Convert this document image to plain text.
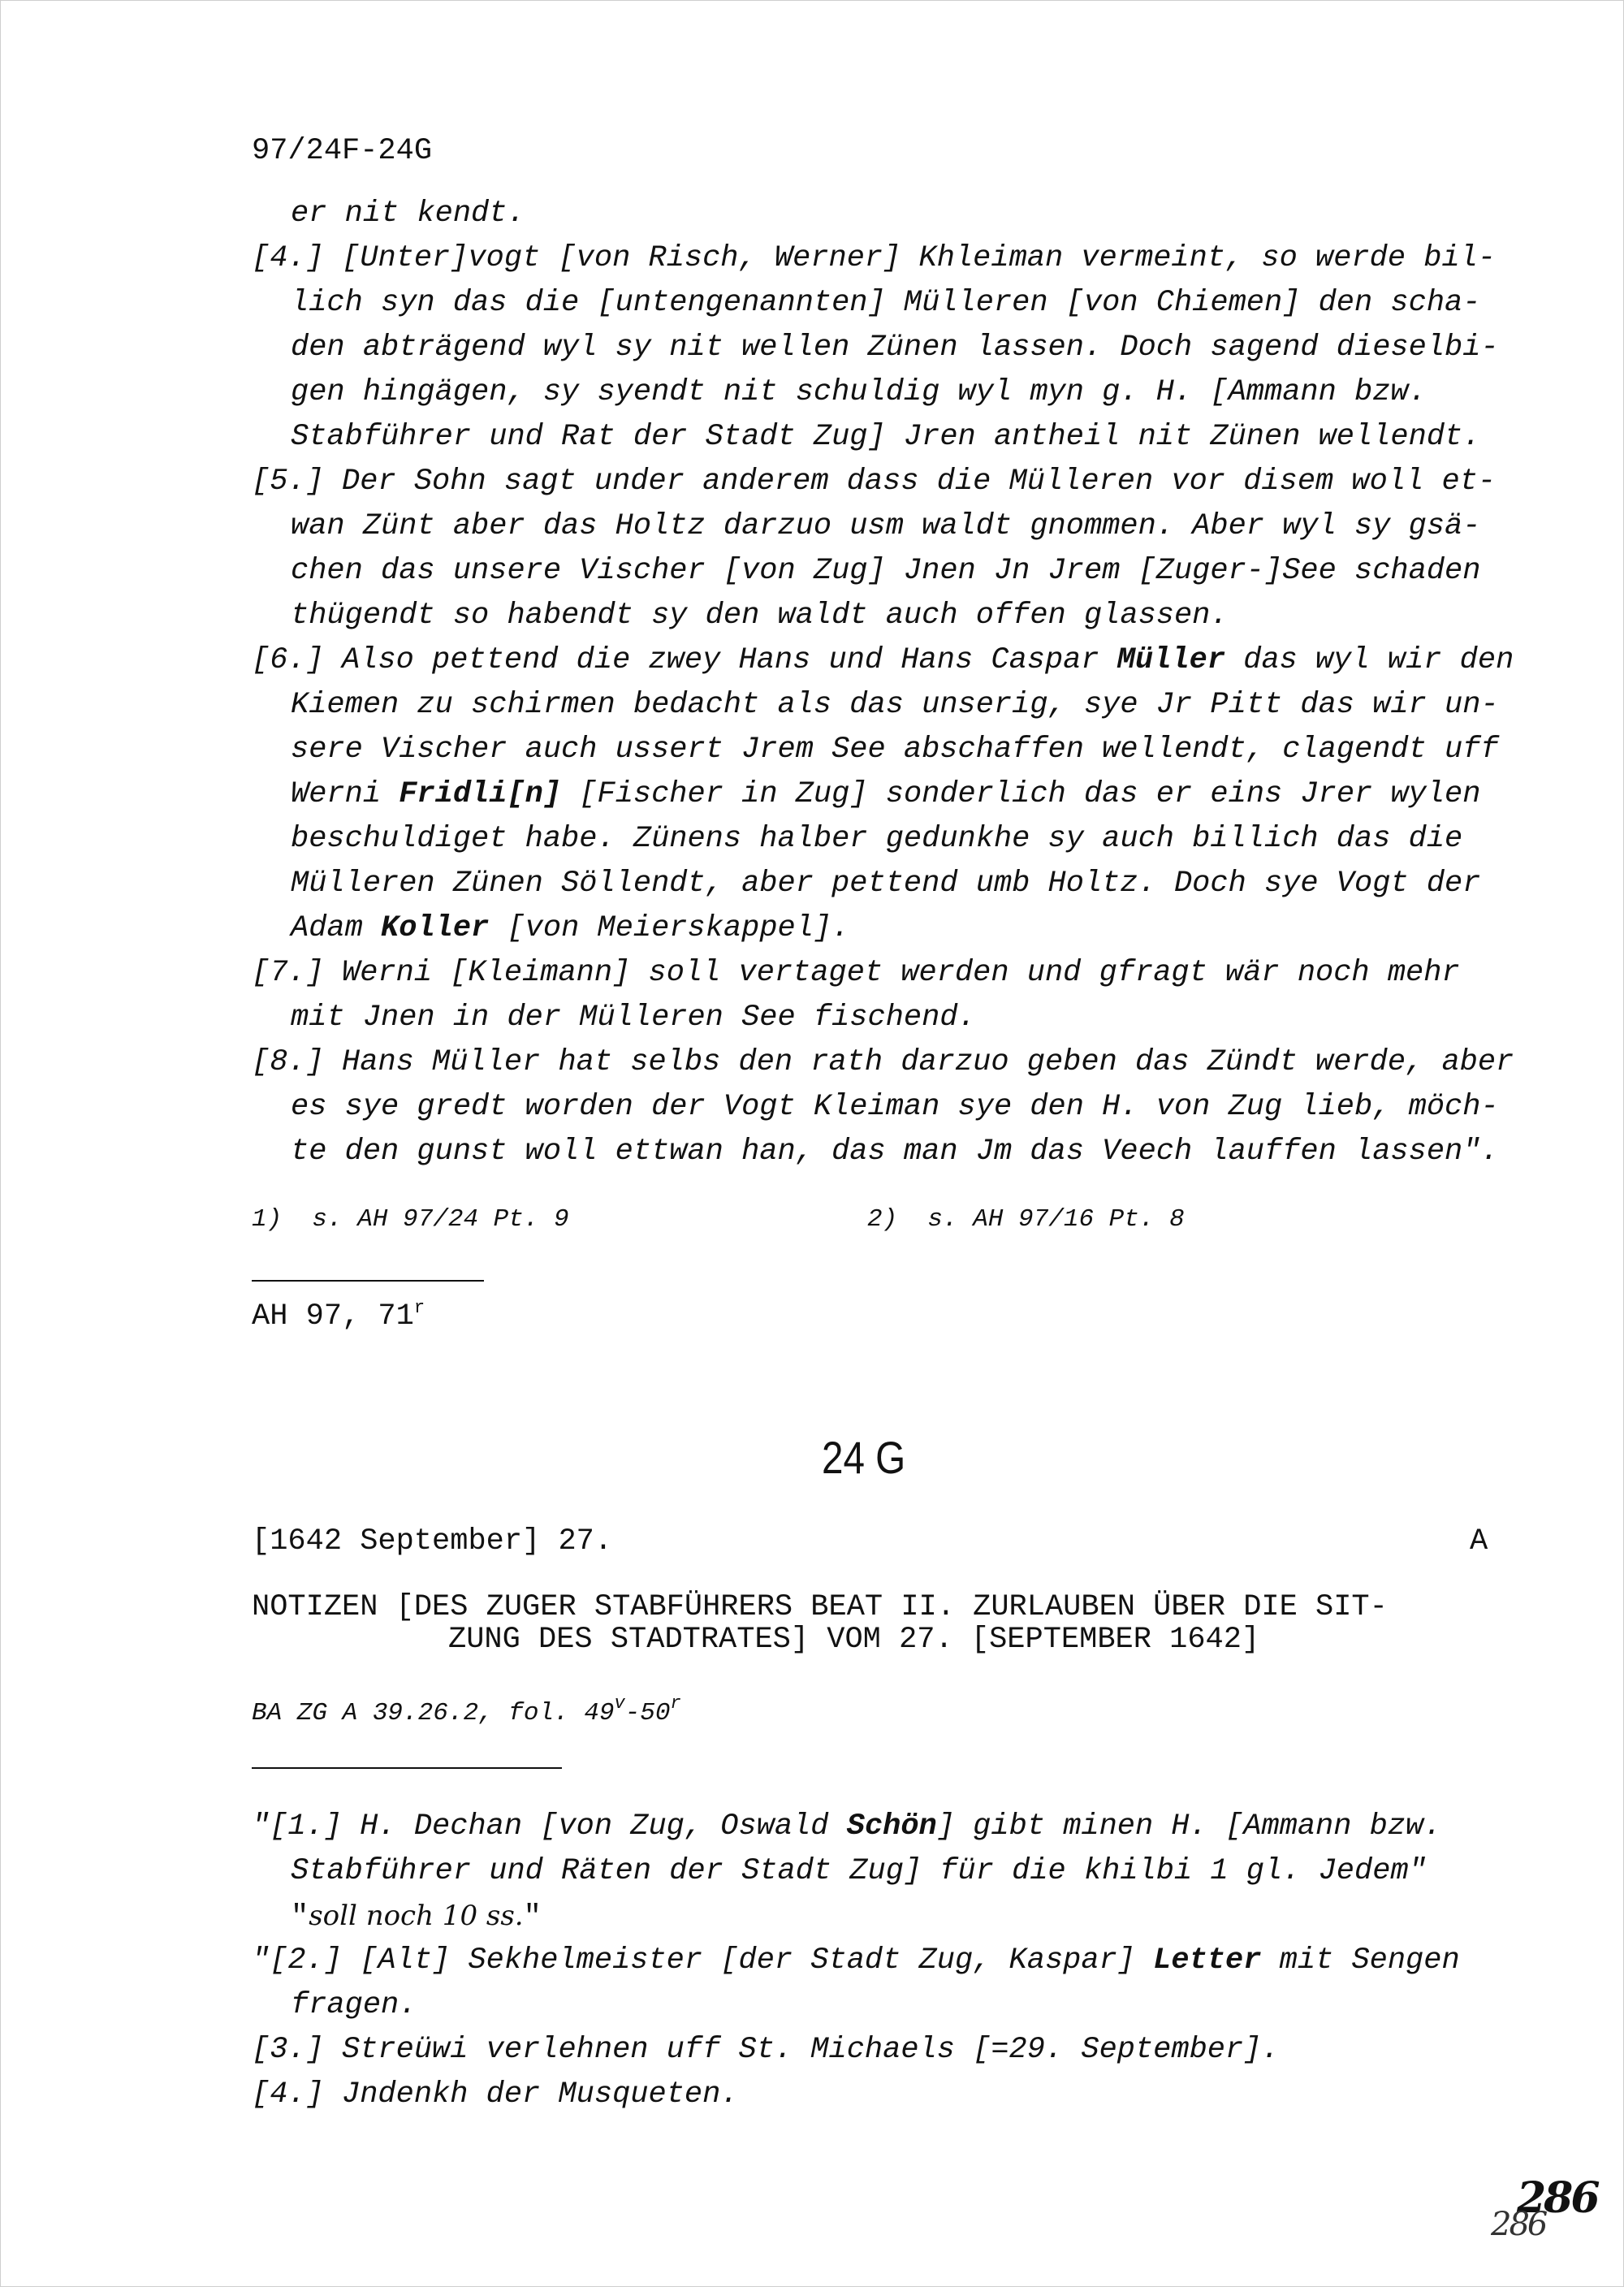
97/24F-24G
er nit kendt.
[4.] [Unter]vogt [von Risch, Werner] Khleiman vermeint, so werde bil-
lich syn das die [untengenannten] Mülleren [von Chiemen] den scha-
den abträgend wyl sy nit wellen Zünen lassen. Doch sagend dieselbi-
gen hingägen, sy syendt nit schuldig wyl myn g. H. [Ammann bzw.
Stabführer und Rat der Stadt Zug] Jren antheil nit Zünen wellendt.
[5.] Der Sohn sagt under anderem dass die Mülleren vor disem woll et-
wan Zünt aber das Holtz darzuo usm waldt gnommen. Aber wyl sy gsä-
chen das unsere Vischer [von Zug] Jnen Jn Jrem [Zuger-]See schaden
thügendt so habendt sy den waldt auch offen glassen.
[6.] Also pettend die zwey Hans und Hans Caspar Müller das wyl wir den
Kiemen zu schirmen bedacht als das unserig, sye Jr Pitt das wir un-
sere Vischer auch ussert Jrem See abschaffen wellendt, clagendt uff
Werni Fridli[n] [Fischer in Zug] sonderlich das er eins Jrer wylen
beschuldiget habe. Zünens halber gedunkhe sy auch billich das die
Mülleren Zünen Söllendt, aber pettend umb Holtz. Doch sye Vogt der
Adam Koller [von Meierskappel].
[7.] Werni [Kleimann] soll vertaget werden und gfragt wär noch mehr
mit Jnen in der Mülleren See fischend.
[8.] Hans Müller hat selbs den rath darzuo geben das Zündt werde, aber
es sye gredt worden der Vogt Kleiman sye den H. von Zug lieb, möch-
te den gunst woll ettwan han, das man Jm das Veech lauffen lassen".
1)  s. AH 97/24 Pt. 9	2)  s. AH 97/16 Pt. 8
AH 97, 71$^r$
24 G
[1642 September] 27.	A
NOTIZEN [DES ZUGER STABFÜHRERS BEAT II. ZURLAUBEN ÜBER DIE SIT-
ZUNG DES STADTRATES] VOM 27. [SEPTEMBER 1642]
BA ZG A 39.26.2, fol. 49$^v$-50$^r$
"[1.] H. Dechan [von Zug, Oswald Schön] gibt minen H. [Ammann bzw.
Stabführer und Räten der Stadt Zug] für die khilbi 1 gl. Jedem"
"soll noch 10 ss."
"[2.] [Alt] Sekhelmeister [der Stadt Zug, Kaspar] Letter mit Sengen
fragen.
[3.] Streüwi verlehnen uff St. Michaels [=29. September].
[4.] Jndenkh der Musqueten.
286
286
